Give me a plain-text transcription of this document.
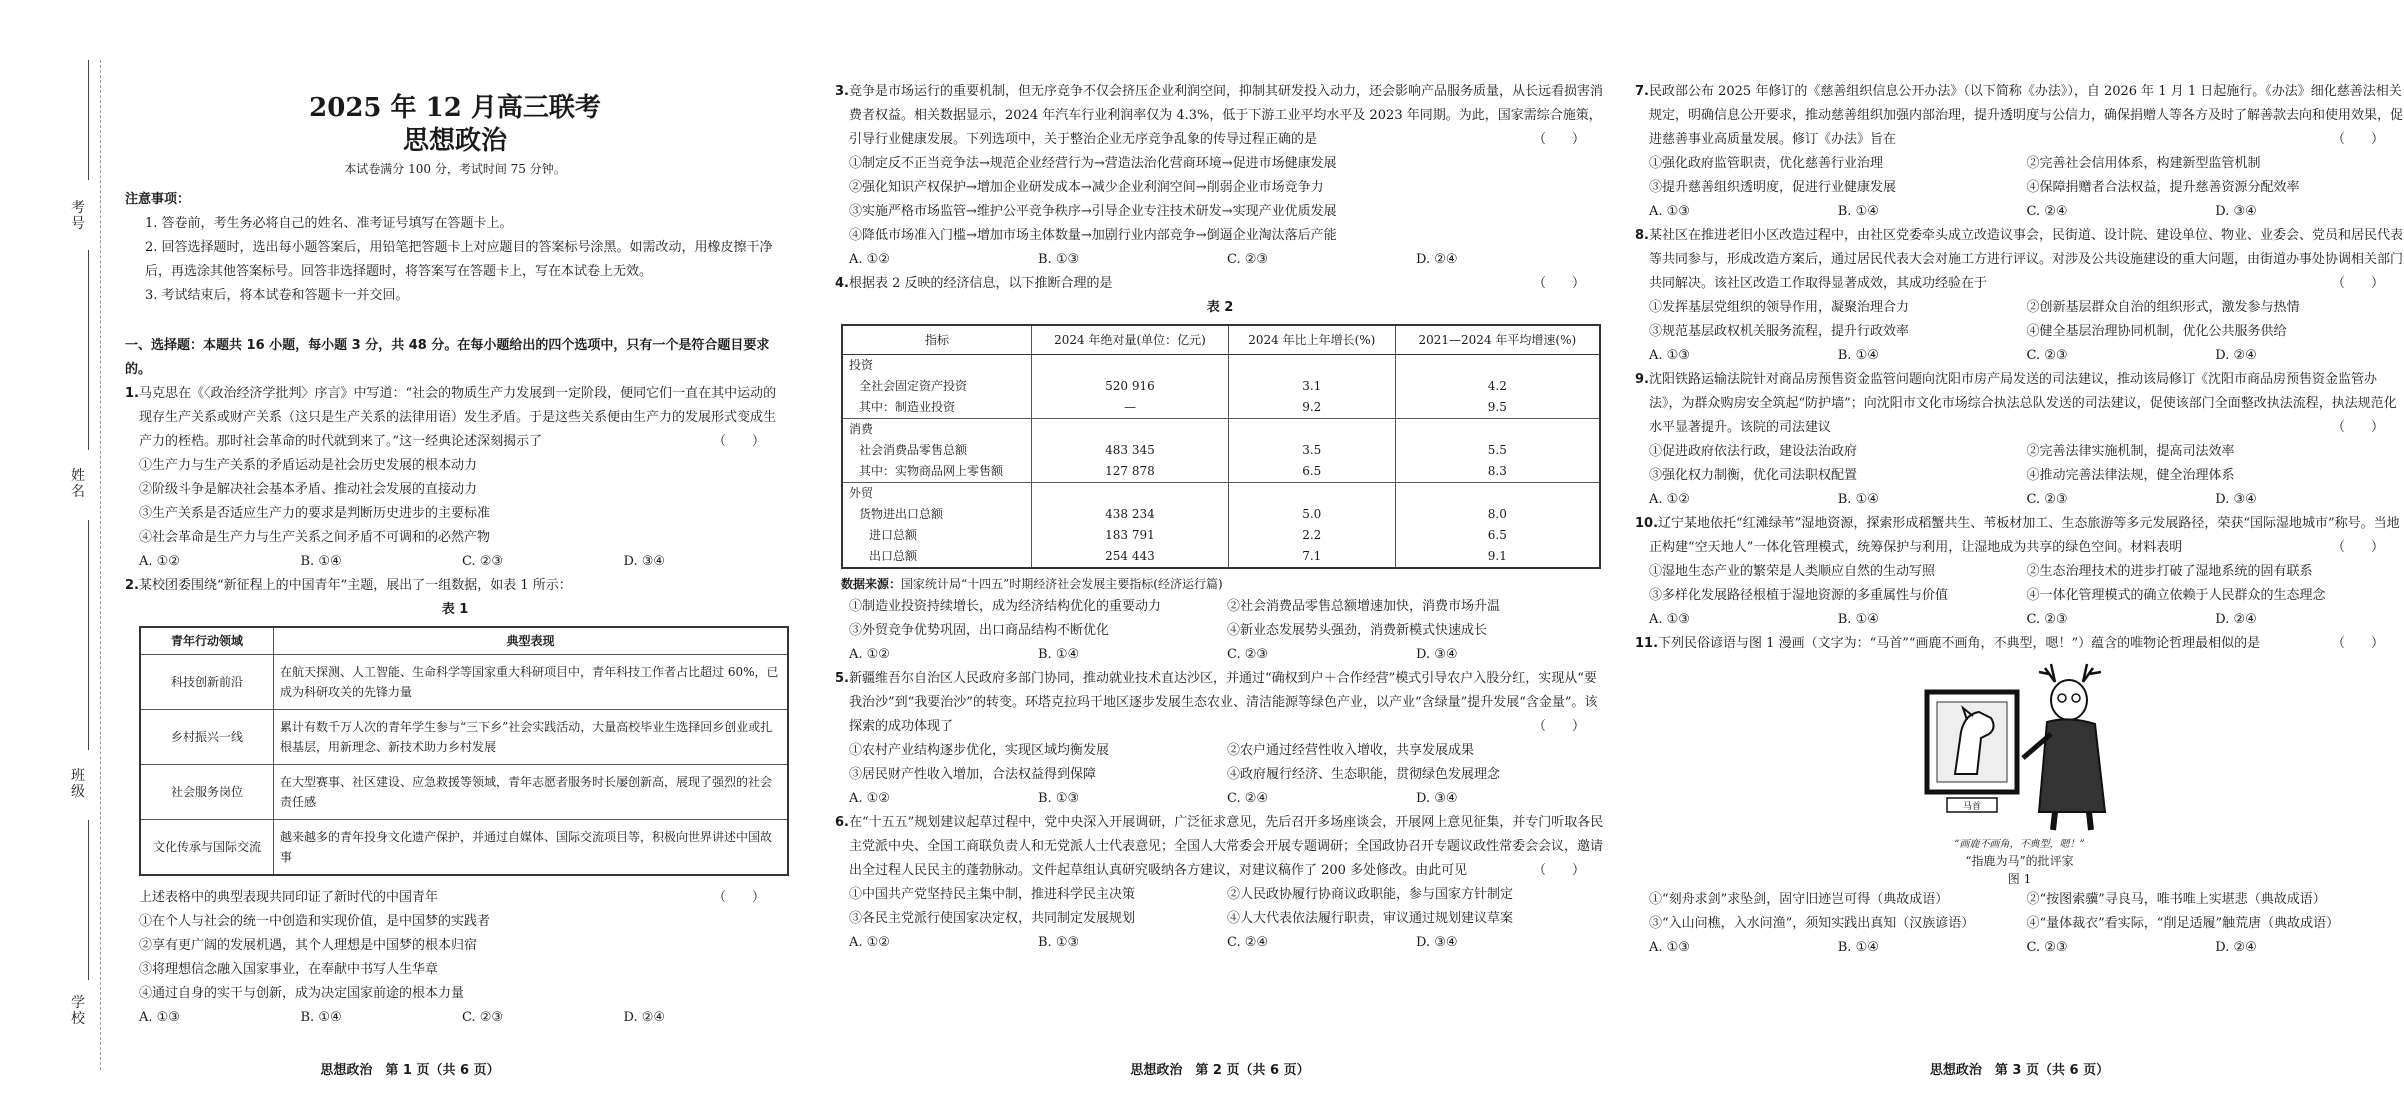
考号
姓名
班级
学校
2025 年 12 月高三联考
思想政治
本试卷满分 100 分，考试时间 75 分钟。
注意事项：
1. 答卷前，考生务必将自己的姓名、准考证号填写在答题卡上。
2. 回答选择题时，选出每小题答案后，用铅笔把答题卡上对应题目的答案标号涂黑。如需改动，用橡皮擦干净后，再选涂其他答案标号。回答非选择题时，将答案写在答题卡上，写在本试卷上无效。
3. 考试结束后，将本试卷和答题卡一并交回。
一、选择题：本题共 16 小题，每小题 3 分，共 48 分。在每小题给出的四个选项中，只有一个是符合题目要求的。
1.马克思在《〈政治经济学批判〉序言》中写道：“社会的物质生产力发展到一定阶段，便同它们一直在其中运动的现存生产关系或财产关系（这只是生产关系的法律用语）发生矛盾。于是这些关系便由生产力的发展形式变成生产力的桎梏。那时社会革命的时代就到来了。”这一经典论述深刻揭示了	（　　）
①生产力与生产关系的矛盾运动是社会历史发展的根本动力
②阶级斗争是解决社会基本矛盾、推动社会发展的直接动力
③生产关系是否适应生产力的要求是判断历史进步的主要标准
④社会革命是生产力与生产关系之间矛盾不可调和的必然产物
A. ①②	B. ①④	C. ②③	D. ③④
2.某校团委围绕“新征程上的中国青年”主题，展出了一组数据，如表 1 所示：
表 1
青年行动领域	典型表现
科技创新前沿	在航天探测、人工智能、生命科学等国家重大科研项目中，青年科技工作者占比超过 60%，已成为科研攻关的先锋力量
乡村振兴一线	累计有数千万人次的青年学生参与“三下乡”社会实践活动，大量高校毕业生选择回乡创业或扎根基层，用新理念、新技术助力乡村发展
社会服务岗位	在大型赛事、社区建设、应急救援等领域，青年志愿者服务时长屡创新高，展现了强烈的社会责任感
文化传承与国际交流	越来越多的青年投身文化遗产保护，并通过自媒体、国际交流项目等，积极向世界讲述中国故事
上述表格中的典型表现共同印证了新时代的中国青年	（　　）
①在个人与社会的统一中创造和实现价值，是中国梦的实践者
②享有更广阔的发展机遇，其个人理想是中国梦的根本归宿
③将理想信念融入国家事业，在奉献中书写人生华章
④通过自身的实干与创新，成为决定国家前途的根本力量
A. ①③	B. ①④	C. ②③	D. ②④
思想政治　第 1 页（共 6 页）
3.竞争是市场运行的重要机制，但无序竞争不仅会挤压企业利润空间，抑制其研发投入动力，还会影响产品服务质量，从长远看损害消费者权益。相关数据显示，2024 年汽车行业利润率仅为 4.3%，低于下游工业平均水平及 2023 年同期。为此，国家需综合施策，引导行业健康发展。下列选项中，关于整治企业无序竞争乱象的传导过程正确的是	（　　）
①制定反不正当竞争法→规范企业经营行为→营造法治化营商环境→促进市场健康发展
②强化知识产权保护→增加企业研发成本→减少企业利润空间→削弱企业市场竞争力
③实施严格市场监管→维护公平竞争秩序→引导企业专注技术研发→实现产业优质发展
④降低市场准入门槛→增加市场主体数量→加剧行业内部竞争→倒逼企业淘汰落后产能
A. ①②	B. ①③	C. ②③	D. ②④
4.根据表 2 反映的经济信息，以下推断合理的是	（　　）
表 2
指标	2024 年绝对量(单位：亿元)	2024 年比上年增长(%)	2021—2024 年平均增速(%)
投资			
全社会固定资产投资	520 916	3.1	4.2
其中：制造业投资	—	9.2	9.5
消费			
社会消费品零售总额	483 345	3.5	5.5
其中：实物商品网上零售额	127 878	6.5	8.3
外贸			
货物进出口总额	438 234	5.0	8.0
进口总额	183 791	2.2	6.5
出口总额	254 443	7.1	9.1
数据来源：国家统计局“十四五”时期经济社会发展主要指标(经济运行篇)
①制造业投资持续增长，成为经济结构优化的重要动力	②社会消费品零售总额增速加快，消费市场升温
③外贸竞争优势巩固，出口商品结构不断优化	④新业态发展势头强劲，消费新模式快速成长
A. ①②	B. ①④	C. ②③	D. ③④
5.新疆维吾尔自治区人民政府多部门协同，推动就业技术直达沙区，并通过“确权到户＋合作经营”模式引导农户入股分红，实现从“要我治沙”到“我要治沙”的转变。环塔克拉玛干地区逐步发展生态农业、清洁能源等绿色产业，以产业“含绿量”提升发展“含金量”。该探索的成功体现了	（　　）
①农村产业结构逐步优化，实现区域均衡发展	②农户通过经营性收入增收，共享发展成果
③居民财产性收入增加，合法权益得到保障	④政府履行经济、生态职能，贯彻绿色发展理念
A. ①②	B. ①③	C. ②④	D. ③④
6.在“十五五”规划建议起草过程中，党中央深入开展调研，广泛征求意见，先后召开多场座谈会，开展网上意见征集，并专门听取各民主党派中央、全国工商联负责人和无党派人士代表意见；全国人大常委会开展专题调研；全国政协召开专题议政性常委会会议，邀请出全过程人民民主的蓬勃脉动。文件起草组认真研究吸纳各方建议，对建议稿作了 200 多处修改。由此可见	（　　）
①中国共产党坚持民主集中制，推进科学民主决策	②人民政协履行协商议政职能，参与国家方针制定
③各民主党派行使国家决定权，共同制定发展规划	④人大代表依法履行职责，审议通过规划建议草案
A. ①②	B. ①③	C. ②④	D. ③④
思想政治　第 2 页（共 6 页）
7.民政部公布 2025 年修订的《慈善组织信息公开办法》（以下简称《办法》），自 2026 年 1 月 1 日起施行。《办法》细化慈善法相关规定，明确信息公开要求，推动慈善组织加强内部治理，提升透明度与公信力，确保捐赠人等各方及时了解善款去向和使用效果，促进慈善事业高质量发展。修订《办法》旨在	（　　）
①强化政府监管职责，优化慈善行业治理	②完善社会信用体系，构建新型监管机制
③提升慈善组织透明度，促进行业健康发展	④保障捐赠者合法权益，提升慈善资源分配效率
A. ①③	B. ①④	C. ②④	D. ③④
8.某社区在推进老旧小区改造过程中，由社区党委牵头成立改造议事会，民街道、设计院、建设单位、物业、业委会、党员和居民代表等共同参与，形成改造方案后，通过居民代表大会对施工方进行评议。对涉及公共设施建设的重大问题，由街道办事处协调相关部门共同解决。该社区改造工作取得显著成效，其成功经验在于	（　　）
①发挥基层党组织的领导作用，凝聚治理合力	②创新基层群众自治的组织形式，激发参与热情
③规范基层政权机关服务流程，提升行政效率	④健全基层治理协同机制，优化公共服务供给
A. ①③	B. ①④	C. ②③	D. ②④
9.沈阳铁路运输法院针对商品房预售资金监管问题向沈阳市房产局发送的司法建议，推动该局修订《沈阳市商品房预售资金监管办法》，为群众购房安全筑起“防护墙”；向沈阳市文化市场综合执法总队发送的司法建议，促使该部门全面整改执法流程，执法规范化水平显著提升。该院的司法建议	（　　）
①促进政府依法行政，建设法治政府	②完善法律实施机制，提高司法效率
③强化权力制衡，优化司法职权配置	④推动完善法律法规，健全治理体系
A. ①②	B. ①④	C. ②③	D. ③④
10.辽宁某地依托“红滩绿苇”湿地资源，探索形成稻蟹共生、苇板材加工、生态旅游等多元发展路径，荣获“国际湿地城市”称号。当地正构建“空天地人”一体化管理模式，统筹保护与利用，让湿地成为共享的绿色空间。材料表明	（　　）
①湿地生态产业的繁荣是人类顺应自然的生动写照	②生态治理技术的进步打破了湿地系统的固有联系
③多样化发展路径根植于湿地资源的多重属性与价值	④一体化管理模式的确立依赖于人民群众的生态理念
A. ①③	B. ①④	C. ②③	D. ②④
11.下列民俗谚语与图 1 漫画（文字为：“马首”“画鹿不画角，不典型，嗯！”）蕴含的唯物论哲理最相似的是	（　　）
马首
“画鹿不画角，不典型，嗯！”
“指鹿为马”的批评家
图 1
①“刻舟求剑”求坠剑，固守旧迹岂可得（典故成语）	②“按图索骥”寻良马，唯书唯上实堪悲（典故成语）
③“入山问樵，入水问渔”，须知实践出真知（汉族谚语）	④“量体裁衣”看实际，“削足适履”触荒唐（典故成语）
A. ①③	B. ①④	C. ②③	D. ②④
思想政治　第 3 页（共 6 页）
